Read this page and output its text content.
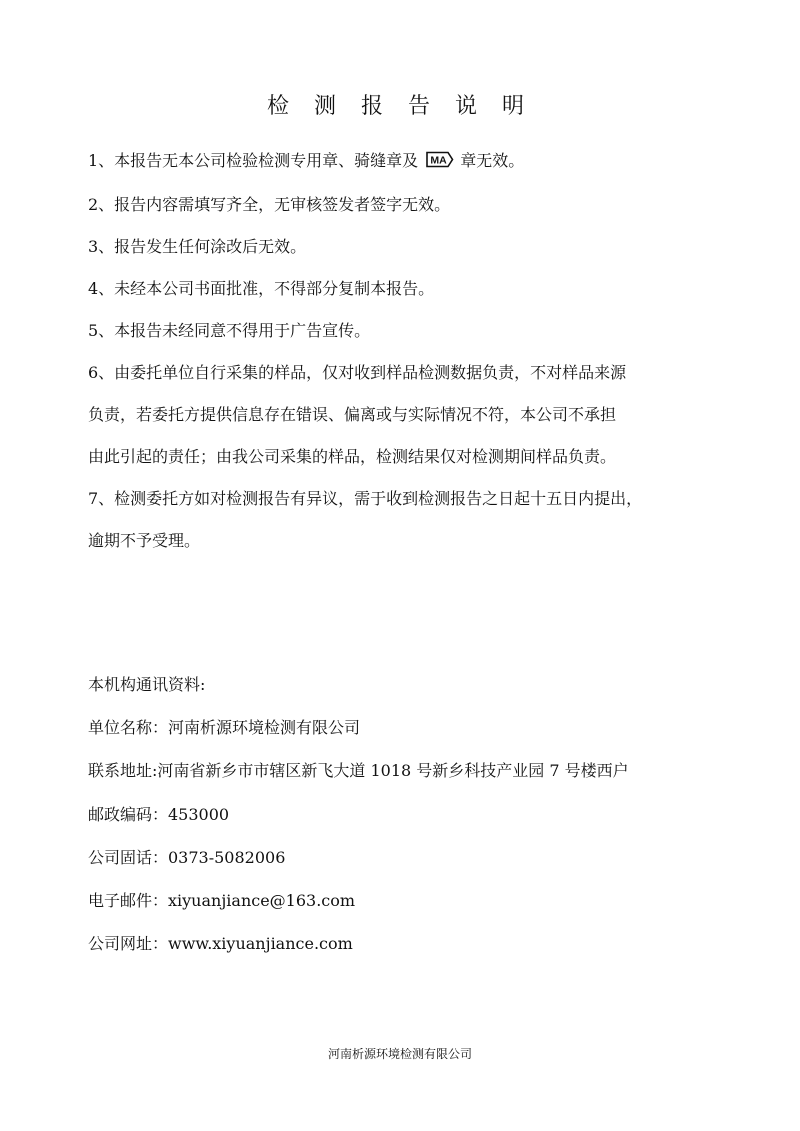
检 测 报 告 说 明

1、本报告无本公司检验检测专用章、骑缝章及 MA 章无效。

2、报告内容需填写齐全，无审核签发者签字无效。

3、报告发生任何涂改后无效。

4、未经本公司书面批准，不得部分复制本报告。

5、本报告未经同意不得用于广告宣传。

6、由委托单位自行采集的样品，仅对收到样品检测数据负责，不对样品来源

负责，若委托方提供信息存在错误、偏离或与实际情况不符，本公司不承担

由此引起的责任；由我公司采集的样品，检测结果仅对检测期间样品负责。

7、检测委托方如对检测报告有异议，需于收到检测报告之日起十五日内提出，

逾期不予受理。

本机构通讯资料:

单位名称：河南析源环境检测有限公司

联系地址:河南省新乡市市辖区新飞大道 1018 号新乡科技产业园 7 号楼西户

邮政编码：453000

公司固话：0373-5082006

电子邮件：xiyuanjiance@163.com

公司网址：www.xiyuanjiance.com

河南析源环境检测有限公司
